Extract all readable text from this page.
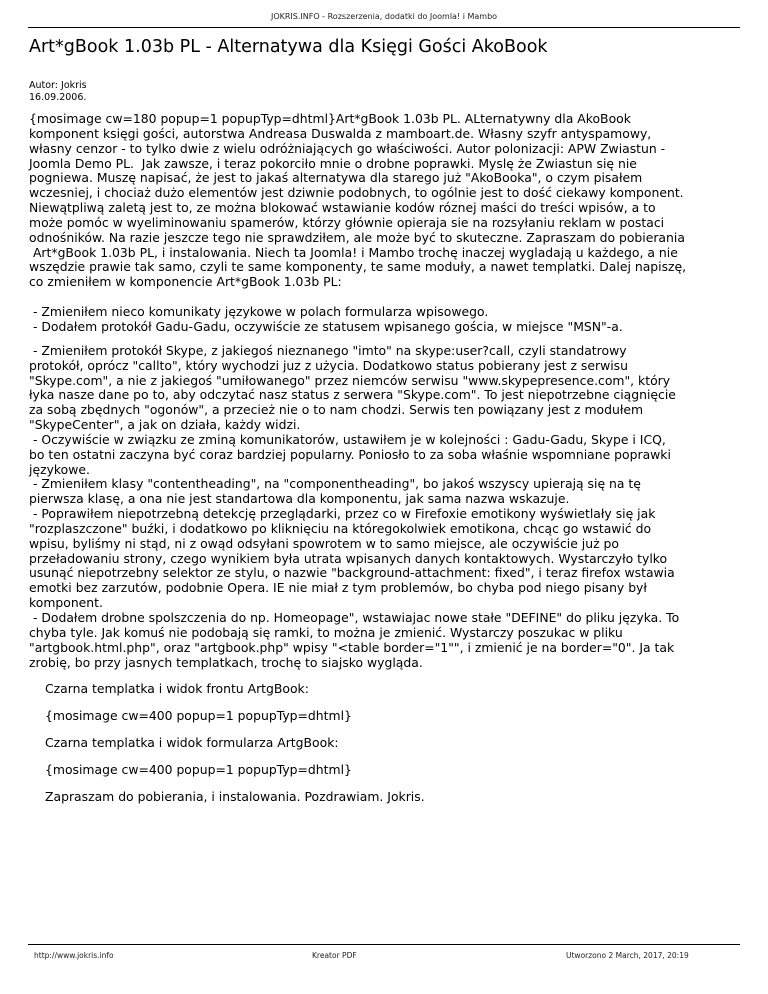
JOKRIS.INFO - Rozszerzenia, dodatki do Joomla! i Mambo
Art*gBook 1.03b PL - Alternatywa dla Księgi Gości AkoBook
Autor: Jokris
16.09.2006.
{mosimage cw=180 popup=1 popupTyp=dhtml}Art*gBook 1.03b PL. ALternatywny dla AkoBook
komponent księgi gości, autorstwa Andreasa Duswalda z mamboart.de. Własny szyfr antyspamowy,
własny cenzor - to tylko dwie z wielu odróżniających go właściwości. Autor polonizacji: APW Zwiastun -
Joomla Demo PL.  Jak zawsze, i teraz pokorciło mnie o drobne poprawki. Myslę że Zwiastun się nie
pogniewa. Muszę napisać, że jest to jakaś alternatywa dla starego już "AkoBooka", o czym pisałem
wczesniej, i chociaż dużo elementów jest dziwnie podobnych, to ogólnie jest to dość ciekawy komponent.
Niewątpliwą zaletą jest to, ze można blokować wstawianie kodów róznej maści do treści wpisów, a to
może pomóc w wyeliminowaniu spamerów, którzy głównie opieraja sie na rozsyłaniu reklam w postaci
odnośników. Na razie jeszcze tego nie sprawdziłem, ale może być to skuteczne. Zapraszam do pobierania
Art*gBook 1.03b PL, i instalowania. Niech ta Joomla! i Mambo trochę inaczej wygladają u każdego, a nie
wszędzie prawie tak samo, czyli te same komponenty, te same moduły, a nawet templatki. Dalej napiszę,
co zmieniłem w komponencie Art*gBook 1.03b PL:
- Zmieniłem nieco komunikaty językowe w polach formularza wpisowego.
- Dodałem protokół Gadu-Gadu, oczywiście ze statusem wpisanego gościa, w miejsce "MSN"-a.
- Zmieniłem protokół Skype, z jakiegoś nieznanego "imto" na skype:user?call, czyli standatrowy
protokół, oprócz "callto", który wychodzi juz z użycia. Dodatkowo status pobierany jest z serwisu
"Skype.com", a nie z jakiegoś "umiłowanego" przez niemców serwisu "www.skypepresence.com", który
łyka nasze dane po to, aby odczytać nasz status z serwera "Skype.com". To jest niepotrzebne ciągnięcie
za sobą zbędnych "ogonów", a przecież nie o to nam chodzi. Serwis ten powiązany jest z modułem
"SkypeCenter", a jak on działa, każdy widzi.
- Oczywiście w związku ze zminą komunikatorów, ustawiłem je w kolejności : Gadu-Gadu, Skype i ICQ,
bo ten ostatni zaczyna być coraz bardziej popularny. Poniosło to za soba właśnie wspomniane poprawki
językowe.
- Zmieniłem klasy "contentheading", na "componentheading", bo jakoś wszyscy upierają się na tę
pierwsza klasę, a ona nie jest standartowa dla komponentu, jak sama nazwa wskazuje.
- Poprawiłem niepotrzebną detekcję przeglądarki, przez co w Firefoxie emotikony wyświetlały się jak
"rozplaszczone" buźki, i dodatkowo po kliknięciu na któregokolwiek emotikona, chcąc go wstawić do
wpisu, byliśmy ni stąd, ni z owąd odsyłani spowrotem w to samo miejsce, ale oczywiście już po
przeładowaniu strony, czego wynikiem była utrata wpisanych danych kontaktowych. Wystarczyło tylko
usunąć niepotrzebny selektor ze stylu, o nazwie "background-attachment: fixed", i teraz firefox wstawia
emotki bez zarzutów, podobnie Opera. IE nie miał z tym problemów, bo chyba pod niego pisany był
komponent.
- Dodałem drobne spolszczenia do np. Homeopage", wstawiajac nowe stałe "DEFINE" do pliku języka. To
chyba tyle. Jak komuś nie podobają się ramki, to można je zmienić. Wystarczy poszukac w pliku
"artgbook.html.php", oraz "artgbook.php" wpisy "<table border="1"", i zmienić je na border="0". Ja tak
zrobię, bo przy jasnych templatkach, trochę to siajsko wygląda.
Czarna templatka i widok frontu ArtgBook:
{mosimage cw=400 popup=1 popupTyp=dhtml}
Czarna templatka i widok formularza ArtgBook:
{mosimage cw=400 popup=1 popupTyp=dhtml}
Zapraszam do pobierania, i instalowania. Pozdrawiam. Jokris.
http://www.jokris.info	Kreator PDF	Utworzono 2 March, 2017, 20:19
